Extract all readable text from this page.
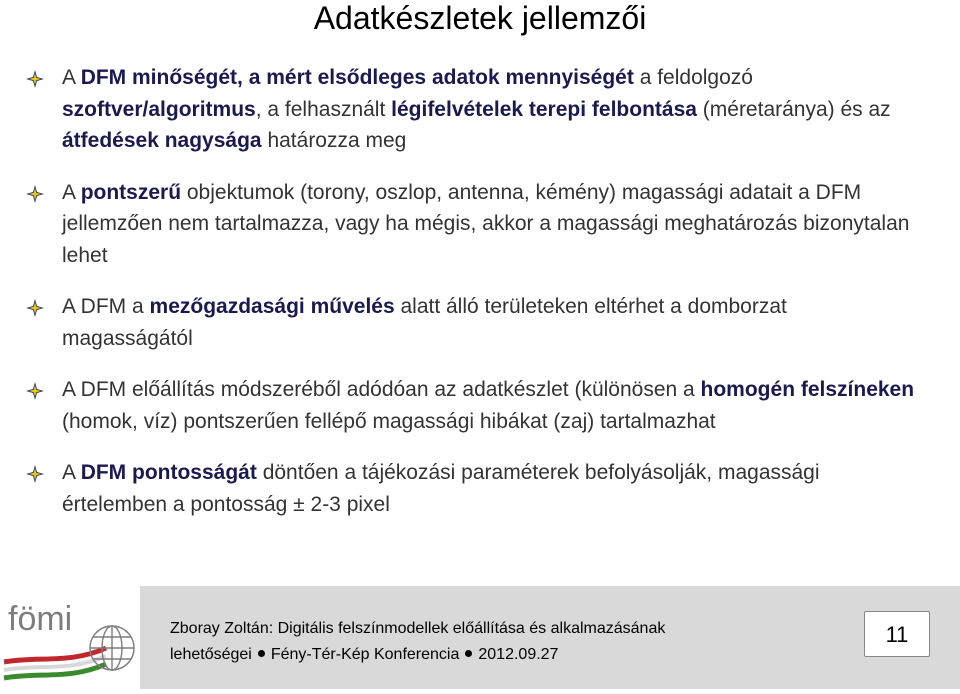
Adatkészletek jellemzői
A DFM minőségét, a mért elsődleges adatok mennyiségét a feldolgozó szoftver/algoritmus, a felhasznált légifelvételek terepi felbontása (méretaránya) és az átfedések nagysága határozza meg
A pontszerű objektumok (torony, oszlop, antenna, kémény) magassági adatait a DFM jellemzően nem tartalmazza, vagy ha mégis, akkor a magassági meghatározás bizonytalan lehet
A DFM a mezőgazdasági művelés alatt álló területeken eltérhet a domborzat magasságától
A DFM előállítás módszeréből adódóan az adatkészlet (különösen a homogén felszíneken (homok, víz) pontszerűen fellépő magassági hibákat (zaj) tartalmazhat
A DFM pontosságát döntően a tájékozási paraméterek befolyásolják, magassági értelemben a pontosság ± 2-3 pixel
fömi	Zboray Zoltán: Digitális felszínmodellek előállítása és alkalmazásának
lehetőségei Fény-Tér-Kép Konferencia 2012.09.27
11
